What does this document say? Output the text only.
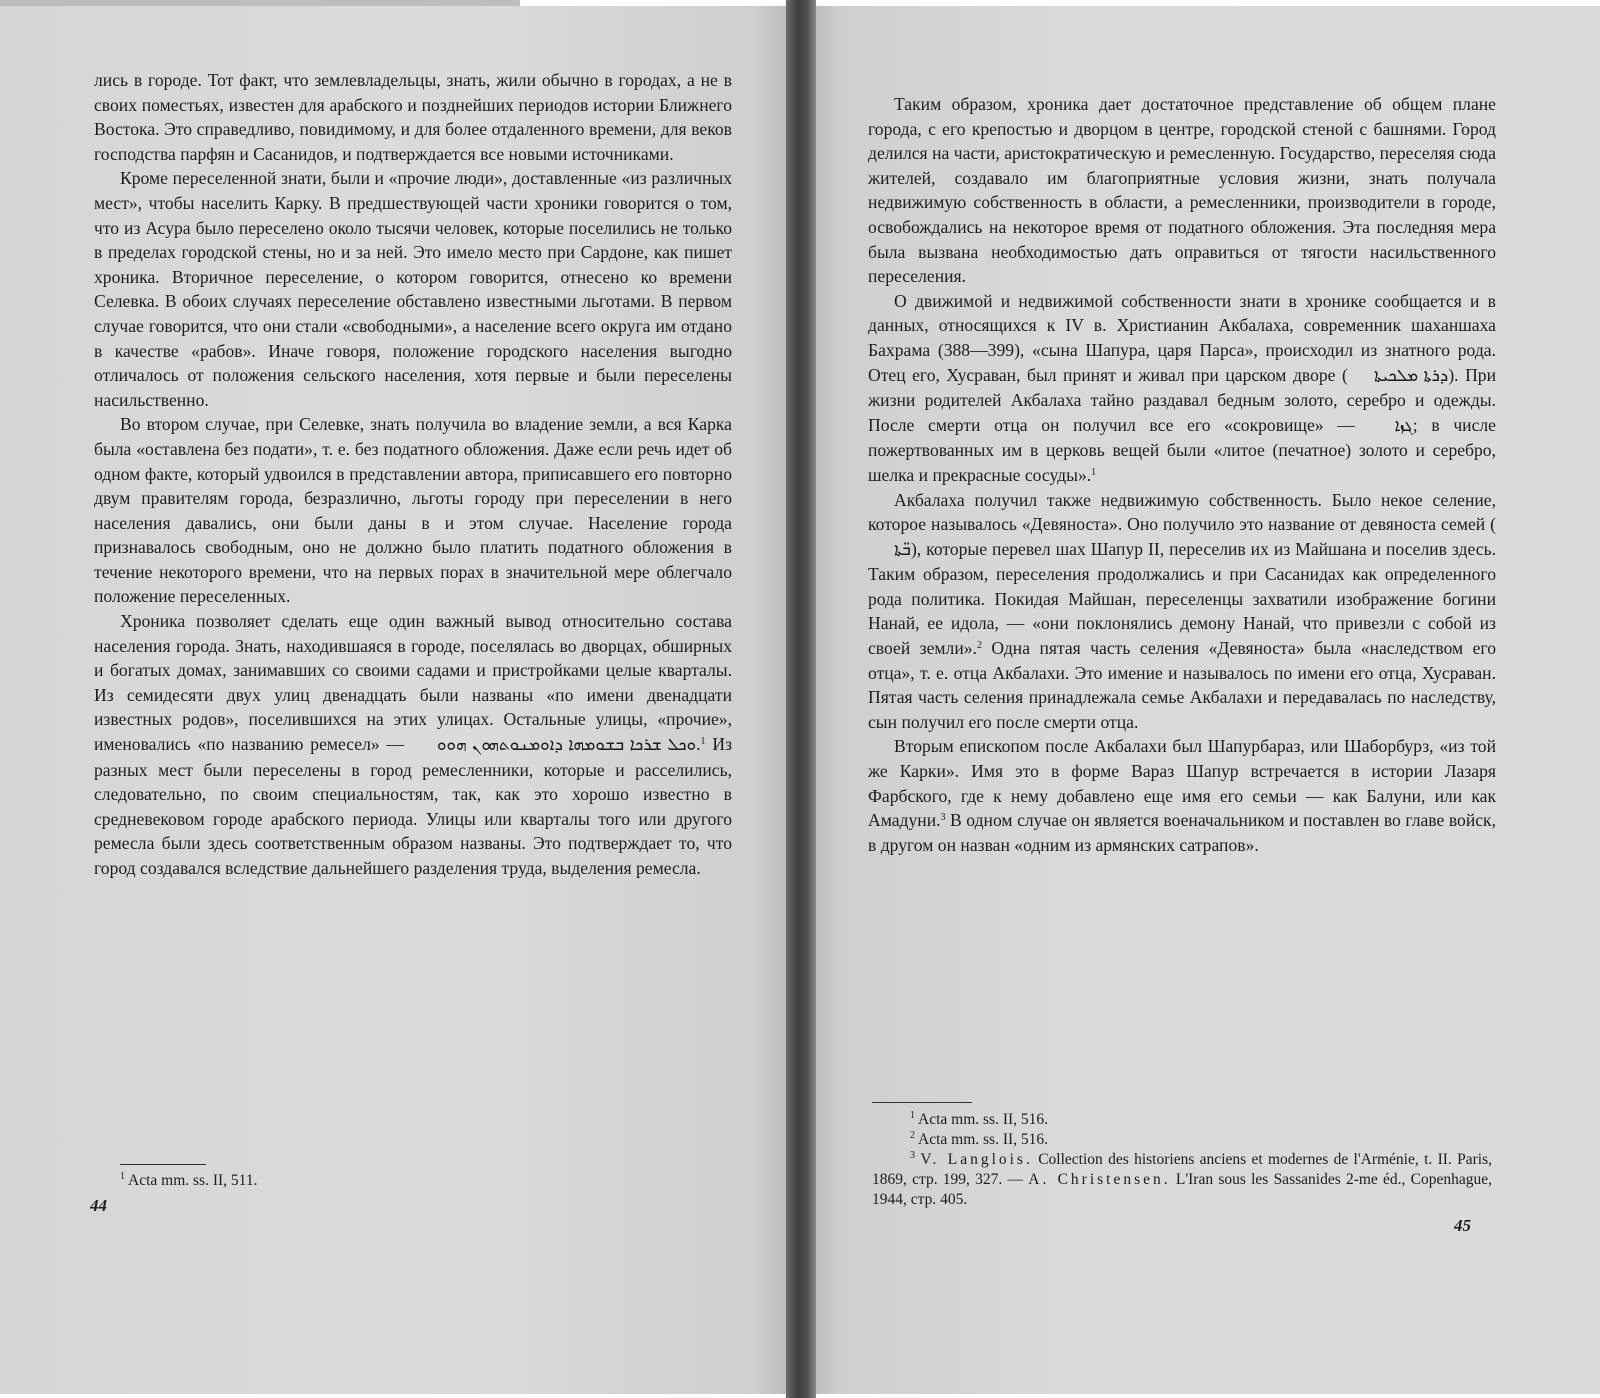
лись в городе. Тот факт, что землевладельцы, знать, жили обычно в городах, а не в своих поместьях, известен для арабского и позднейших периодов истории Ближнего Востока. Это справедливо, повидимому, и для более отдаленного времени, для веков господства парфян и Сасанидов, и подтверждается все новыми источниками.

Кроме переселенной знати, были и «прочие люди», доставленные «из различных мест», чтобы населить Карку. В предшествующей части хроники говорится о том, что из Асура было переселено около тысячи человек, которые поселились не только в пределах городской стены, но и за ней. Это имело место при Сардоне, как пишет хроника. Вторичное переселение, о котором говорится, отнесено ко времени Селевка. В обоих случаях переселение обставлено известными льготами. В первом случае говорится, что они стали «свободными», а население всего округа им отдано в качестве «рабов». Иначе говоря, положение городского населения выгодно отличалось от положения сельского населения, хотя первые и были переселены насильственно.

Во втором случае, при Селевке, знать получила во владение земли, а вся Карка была «оставлена без подати», т. е. без податного обложения. Даже если речь идет об одном факте, который удвоился в представлении автора, приписавшего его повторно двум правителям города, безразлично, льготы городу при переселении в него населения давались, они были даны в и этом случае. Население города признавалось свободным, оно не должно было платить податного обложения в течение некоторого времени, что на первых порах в значительной мере облегчало положение переселенных.

Хроника позволяет сделать еще один важный вывод относительно состава населения города. Знать, находившаяся в городе, поселялась во дворцах, обширных и богатых домах, занимавших со своими садами и пристройками целые кварталы. Из семидесяти двух улиц двенадцать были названы «по имени двенадцати известных родов», поселившихся на этих улицах. Остальные улицы, «прочие», именовались «по названию ремесел» — ܘܟܠ ܫܪܟܐ ܒܫܘܡܗܐ ܕܐܘܡܢܘܬܗܘܢ ܗܘܘ.$^1$ Из разных мест были переселены в город ремесленники, которые и расселились, следовательно, по своим специальностям, так, как это хорошо известно в средневековом городе арабского периода. Улицы или кварталы того или другого ремесла были здесь соответственным образом названы. Это подтверждает то, что город создавался вследствие дальнейшего разделения труда, выделения ремесла.

$^1$ Acta mm. ss. II, 511.

44

Таким образом, хроника дает достаточное представление об общем плане города, с его крепостью и дворцом в центре, городской стеной с башнями. Город делился на части, аристократическую и ремесленную. Государство, переселяя сюда жителей, создавало им благоприятные условия жизни, знать получала недвижимую собственность в области, а ремесленники, производители в городе, освобождались на некоторое время от податного обложения. Эта последняя мера была вызвана необходимостью дать оправиться от тягости насильственного переселения.

О движимой и недвижимой собственности знати в хронике сообщается и в данных, относящихся к IV в. Христианин Акбалаха, современник шаханшаха Бахрама (388—399), «сына Шапура, царя Парса», происходил из знатного рода. Отец его, Хусраван, был принят и живал при царском дворе ( ܕܪܬܐ ܡܠܟܝܬܐ). При жизни родителей Акбалаха тайно раздавал бедным золото, серебро и одежды. После смерти отца он получил все его «сокровище» — ܓܙܐ; в числе пожертвованных им в церковь вещей были «литое (печатное) золото и серебро, шелка и прекрасные сосуды».$^1$

Акбалаха получил также недвижимую собственность. Было некое селение, которое называлось «Девяноста». Оно получило это название от девяноста семей (ܒ̈ܬܐ), которые перевел шах Шапур II, переселив их из Майшана и поселив здесь. Таким образом, переселения продолжались и при Сасанидах как определенного рода политика. Покидая Майшан, переселенцы захватили изображение богини Нанай, ее идола, — «они поклонялись демону Нанай, что привезли с собой из своей земли».$^2$ Одна пятая часть селения «Девяноста» была «наследством его отца», т. е. отца Акбалахи. Это имение и называлось по имени его отца, Хусраван. Пятая часть селения принадлежала семье Акбалахи и передавалась по наследству, сын получил его после смерти отца.

Вторым епископом после Акбалахи был Шапурбараз, или Шаборбурз, «из той же Карки». Имя это в форме Вараз Шапур встречается в истории Лазаря Фарбского, где к нему добавлено еще имя его семьи — как Балуни, или как Амадуни.$^3$ В одном случае он является военачальником и поставлен во главе войск, в другом он назван «одним из армянских сатрапов».

$^1$ Acta mm. ss. II, 516.

$^2$ Acta mm. ss. II, 516.

$^3$ V. Langlois. Collection des historiens anciens et modernes de l'Arménie, t. II. Paris, 1869, стр. 199, 327. — A. Christensen. L'Iran sous les Sassanides 2-me éd., Copenhague, 1944, стр. 405.

45
